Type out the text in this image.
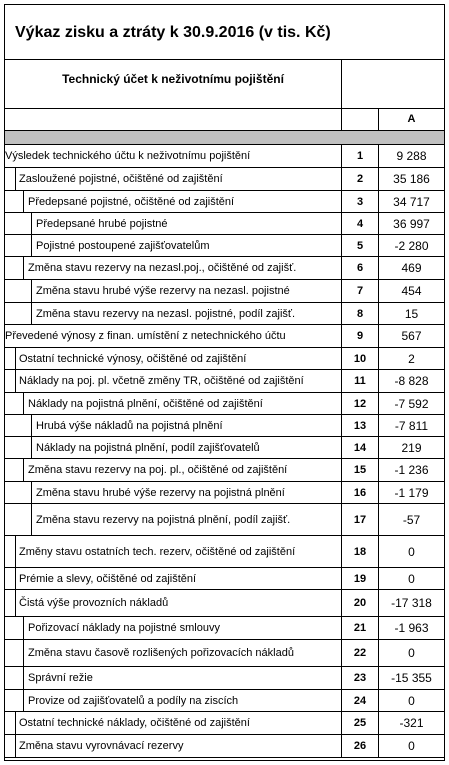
Výkaz zisku a ztráty k 30.9.2016 (v tis. Kč)
Technický účet k neživotnímu pojištění
A
Výsledek technického účtu k neživotnímu pojištění	1	9 288
Zasloužené pojistné, očištěné od zajištění	2	35 186
Předepsané pojistné, očištěné od zajištění	3	34 717
Předepsané hrubé pojistné	4	36 997
Pojistné postoupené zajišťovatelům	5	-2 280
Změna stavu rezervy na nezasl.poj., očištěné od zajišť.	6	469
Změna stavu hrubé výše rezervy na nezasl. pojistné	7	454
Změna stavu rezervy na nezasl. pojistné, podíl zajišť.	8	15
Převedené výnosy z finan. umístění z netechnického účtu	9	567
Ostatní technické výnosy, očištěné od zajištění	10	2
Náklady na poj. pl. včetně změny TR, očištěné od zajištění	11	-8 828
Náklady na pojistná plnění, očištěné od zajištění	12	-7 592
Hrubá výše nákladů na pojistná plnění	13	-7 811
Náklady na pojistná plnění, podíl zajišťovatelů	14	219
Změna stavu rezervy na poj. pl., očištěné od zajištění	15	-1 236
Změna stavu hrubé výše rezervy na pojistná plnění	16	-1 179
Změna stavu rezervy na pojistná plnění, podíl zajišť.	17	-57
Změny stavu ostatních tech. rezerv, očištěné od zajištění	18	0
Prémie a slevy, očištěné od zajištění	19	0
Čistá výše provozních nákladů	20	-17 318
Pořizovací náklady na pojistné smlouvy	21	-1 963
Změna stavu časově rozlišených pořizovacích nákladů	22	0
Správní režie	23	-15 355
Provize od zajišťovatelů a podíly na ziscích	24	0
Ostatní technické náklady, očištěné od zajištění	25	-321
Změna stavu vyrovnávací rezervy	26	0
